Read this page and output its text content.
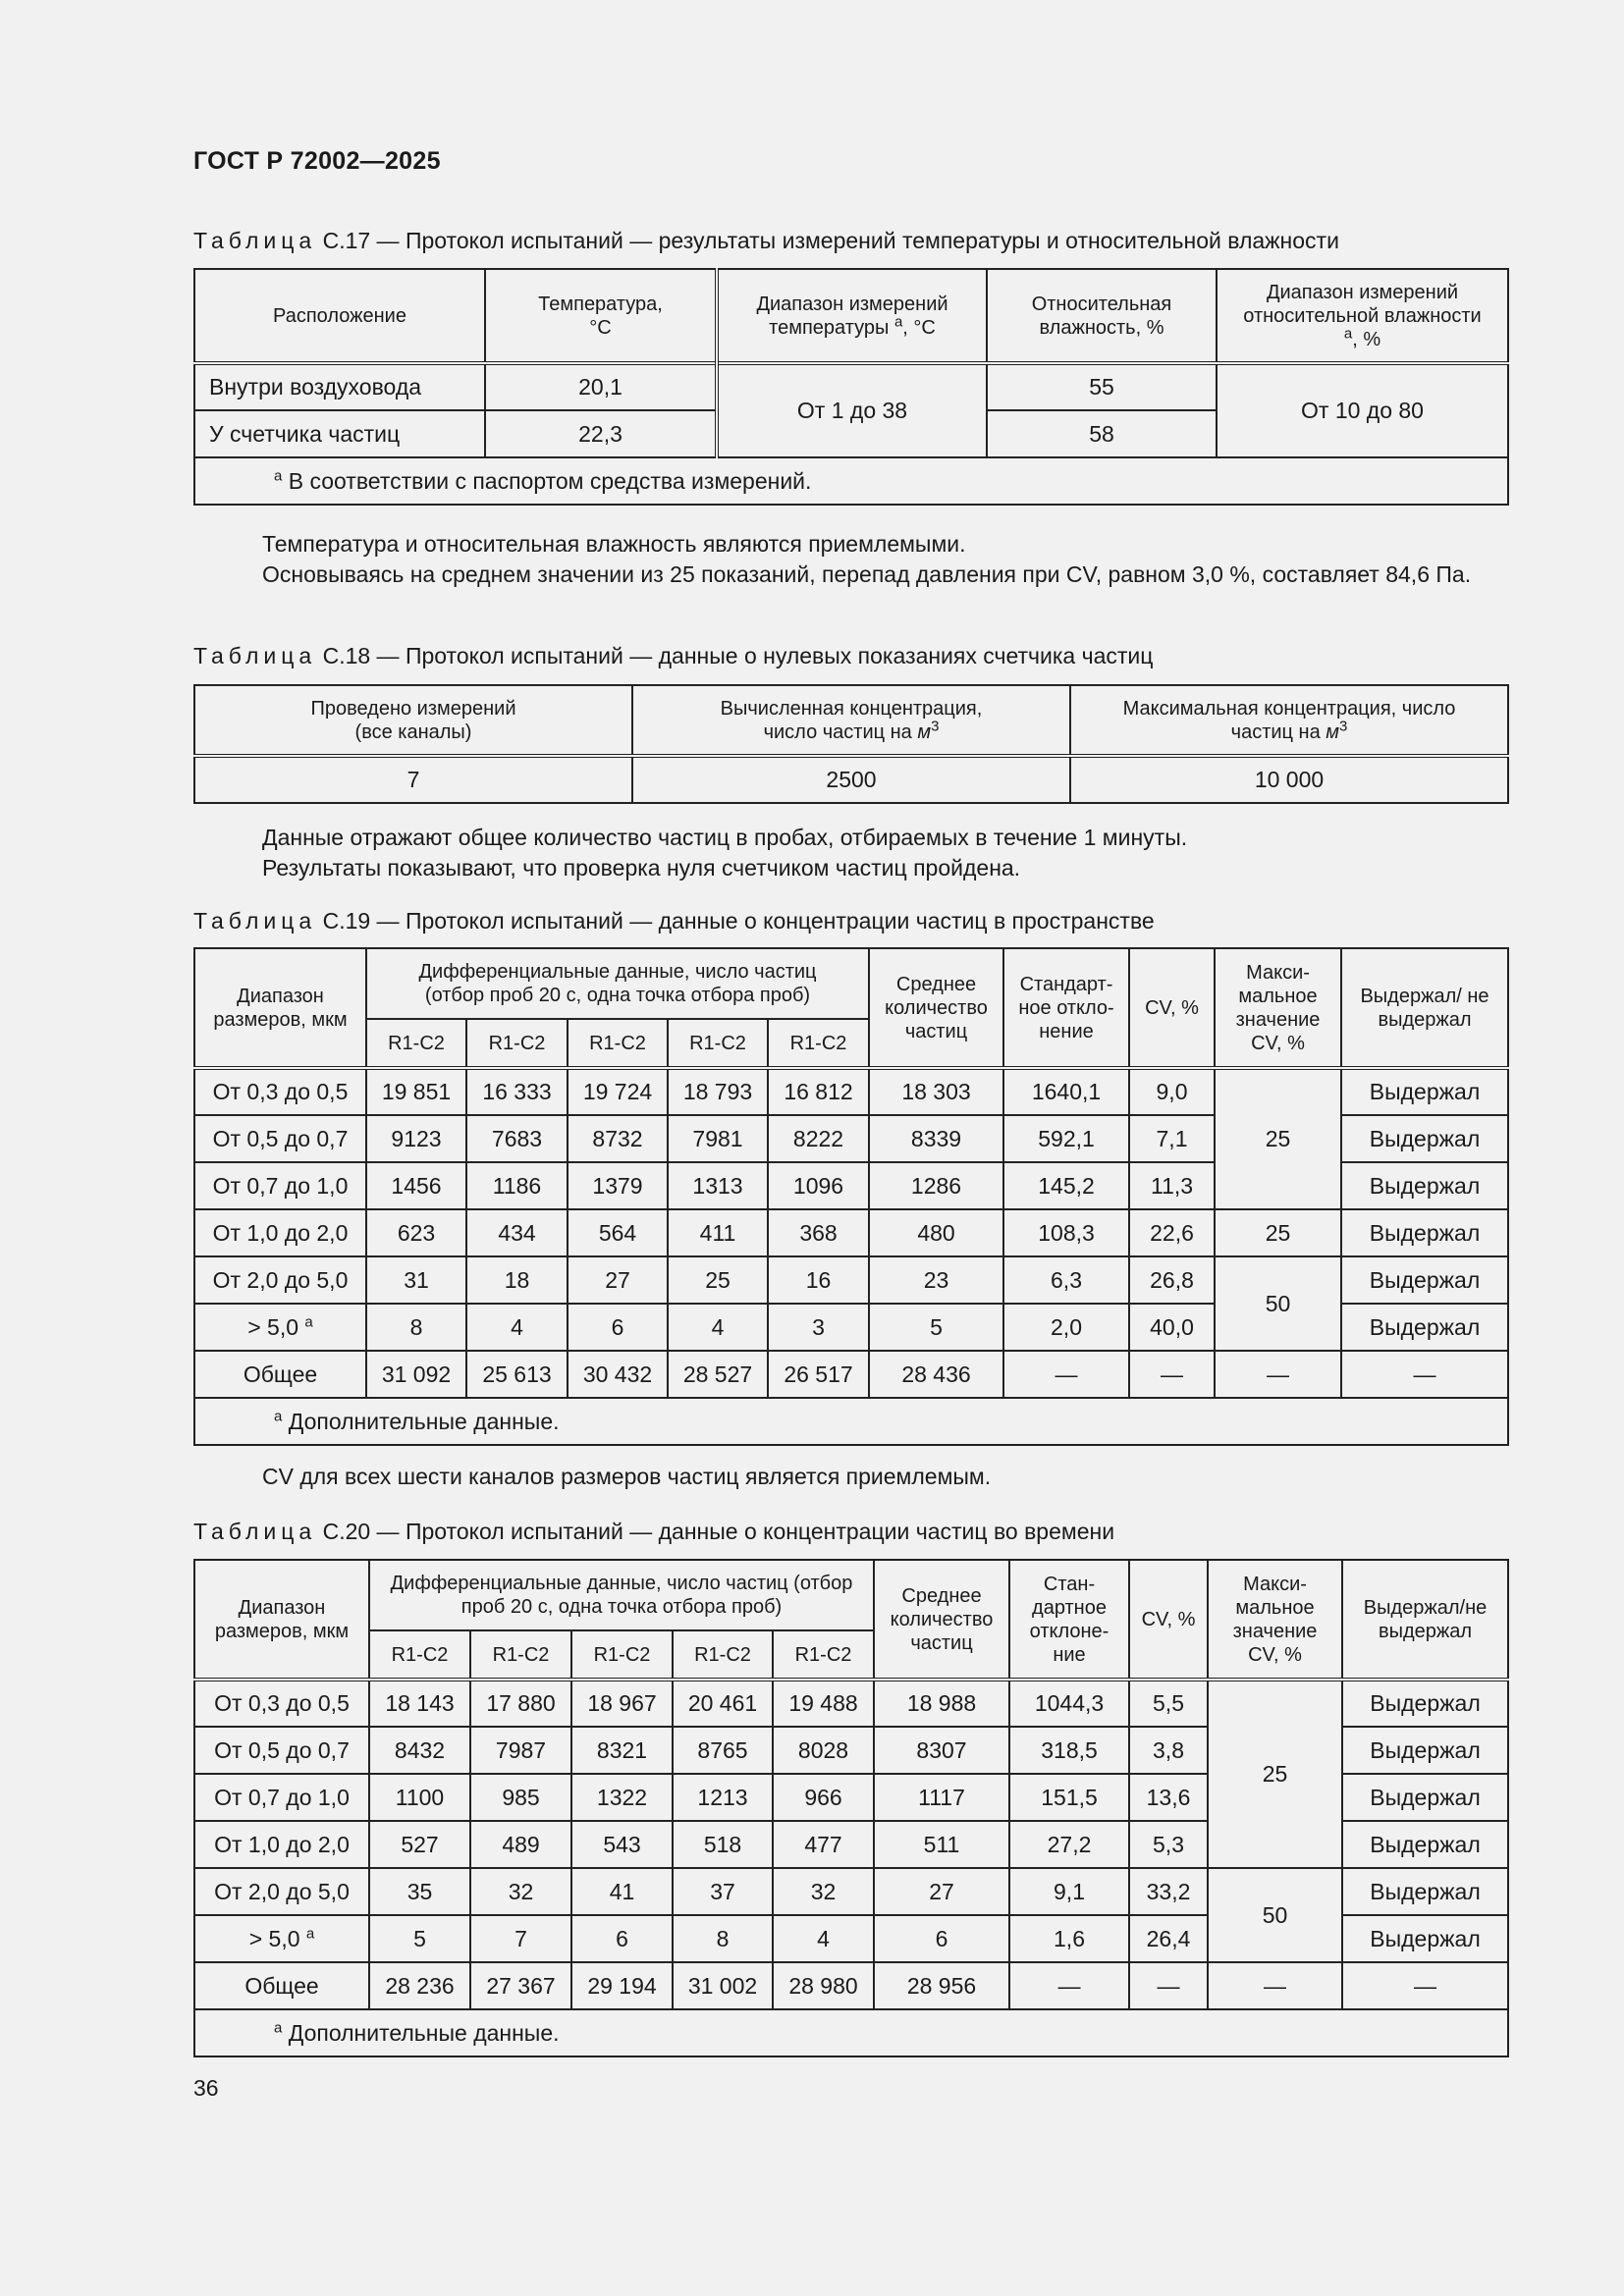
ГОСТ Р 72002—2025
Таблица С.17 — Протокол испытаний — результаты измерений температуры и относительной влажности
Расположение	Температура, °С	Диапазон измерений температуры $^а$, °С	Относительная влажность, %	Диапазон измерений относительной влажности $^а$, %
Внутри воздуховода	20,1	От 1 до 38	55	От 10 до 80
У счетчика частиц	22,3		58	
$^а$ В соответствии с паспортом средства измерений.				

Температура и относительная влажность являются приемлемыми.

Основываясь на среднем значении из 25 показаний, перепад давления при CV, равном 3,0 %, составляет 84,6 Па.

Таблица С.18 — Протокол испытаний — данные о нулевых показаниях счетчика частиц
Проведено измерений (все каналы)	Вычисленная концентрация, число частиц на $м^3$	Максимальная концентрация, число частиц на $м^3$
7	2500	10 000

Данные отражают общее количество частиц в пробах, отбираемых в течение 1 минуты.

Результаты показывают, что проверка нуля счетчиком частиц пройдена.

Таблица С.19 — Протокол испытаний — данные о концентрации частиц в пространстве
Диапазон размеров, мкм	Дифференциальные данные, число частиц (отбор проб 20 с, одна точка отбора проб)					Среднее количество частиц	Стандарт-ное откло-нение	CV, %	Макси-мальное значение CV, %	Выдержал/ не выдержал
	R1-C2	R1-C2	R1-C2	R1-C2	R1-C2					
От 0,3 до 0,5	19 851	16 333	19 724	18 793	16 812	18 303	1640,1	9,0	25	Выдержал
От 0,5 до 0,7	9123	7683	8732	7981	8222	8339	592,1	7,1		Выдержал
От 0,7 до 1,0	1456	1186	1379	1313	1096	1286	145,2	11,3		Выдержал
От 1,0 до 2,0	623	434	564	411	368	480	108,3	22,6	25	Выдержал
От 2,0 до 5,0	31	18	27	25	16	23	6,3	26,8	50	Выдержал
> 5,0 $^а$	8	4	6	4	3	5	2,0	40,0		Выдержал
Общее	31 092	25 613	30 432	28 527	26 517	28 436	—	—	—	—
$^а$ Дополнительные данные.										

CV для всех шести каналов размеров частиц является приемлемым.

Таблица С.20 — Протокол испытаний — данные о концентрации частиц во времени
Диапазон размеров, мкм	Дифференциальные данные, число частиц (отбор проб 20 с, одна точка отбора проб)					Среднее количество частиц	Стан-дартное отклоне-ние	CV, %	Макси-мальное значение CV, %	Выдержал/не выдержал
	R1-C2	R1-C2	R1-C2	R1-C2	R1-C2					
От 0,3 до 0,5	18 143	17 880	18 967	20 461	19 488	18 988	1044,3	5,5	25	Выдержал
От 0,5 до 0,7	8432	7987	8321	8765	8028	8307	318,5	3,8		Выдержал
От 0,7 до 1,0	1100	985	1322	1213	966	1117	151,5	13,6		Выдержал
От 1,0 до 2,0	527	489	543	518	477	511	27,2	5,3		Выдержал
От 2,0 до 5,0	35	32	41	37	32	27	9,1	33,2	50	Выдержал
> 5,0 $^а$	5	7	6	8	4	6	1,6	26,4		Выдержал
Общее	28 236	27 367	29 194	31 002	28 980	28 956	—	—	—	—
$^а$ Дополнительные данные.										
36
